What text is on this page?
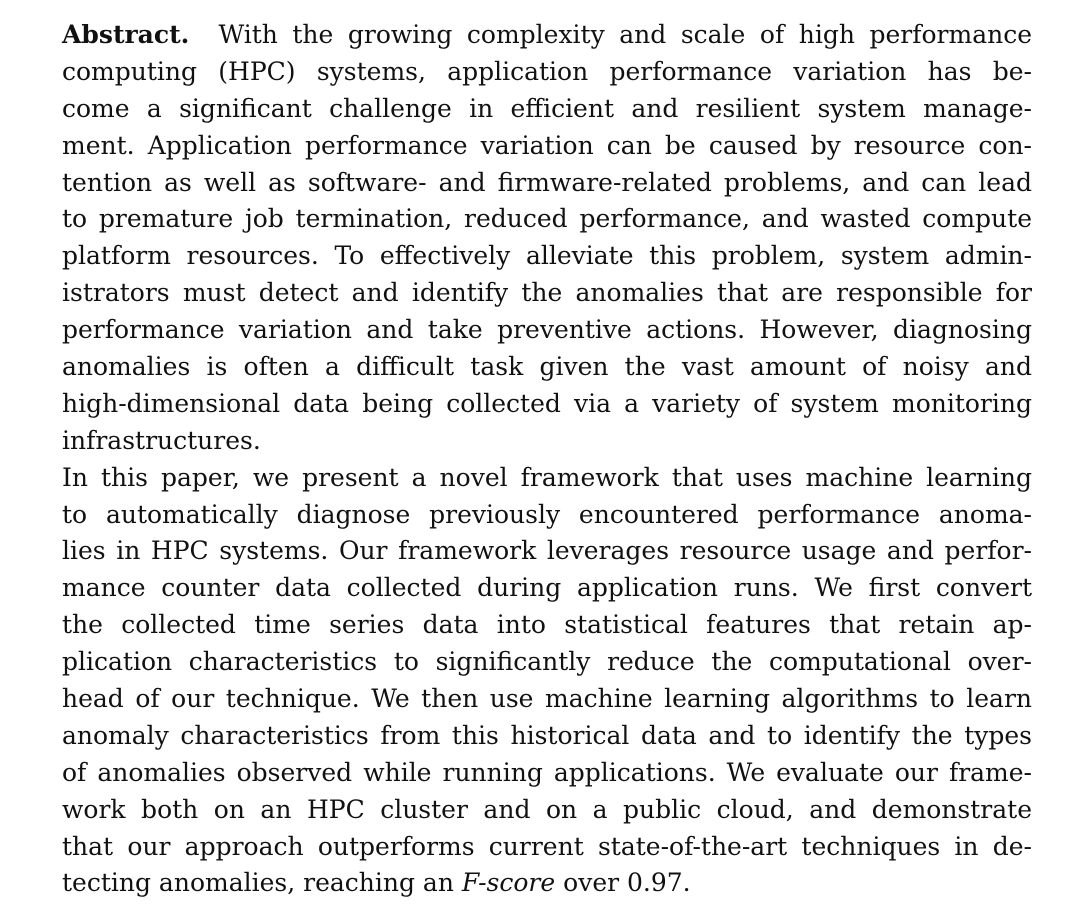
Abstract. With the growing complexity and scale of high performance
computing (HPC) systems, application performance variation has be-
come a significant challenge in efficient and resilient system manage-
ment. Application performance variation can be caused by resource con-
tention as well as software- and firmware-related problems, and can lead
to premature job termination, reduced performance, and wasted compute
platform resources. To effectively alleviate this problem, system admin-
istrators must detect and identify the anomalies that are responsible for
performance variation and take preventive actions. However, diagnosing
anomalies is often a difficult task given the vast amount of noisy and
high-dimensional data being collected via a variety of system monitoring
infrastructures.
In this paper, we present a novel framework that uses machine learning
to automatically diagnose previously encountered performance anoma-
lies in HPC systems. Our framework leverages resource usage and perfor-
mance counter data collected during application runs. We first convert
the collected time series data into statistical features that retain ap-
plication characteristics to significantly reduce the computational over-
head of our technique. We then use machine learning algorithms to learn
anomaly characteristics from this historical data and to identify the types
of anomalies observed while running applications. We evaluate our frame-
work both on an HPC cluster and on a public cloud, and demonstrate
that our approach outperforms current state-of-the-art techniques in de-
tecting anomalies, reaching an F-score over 0.97.
